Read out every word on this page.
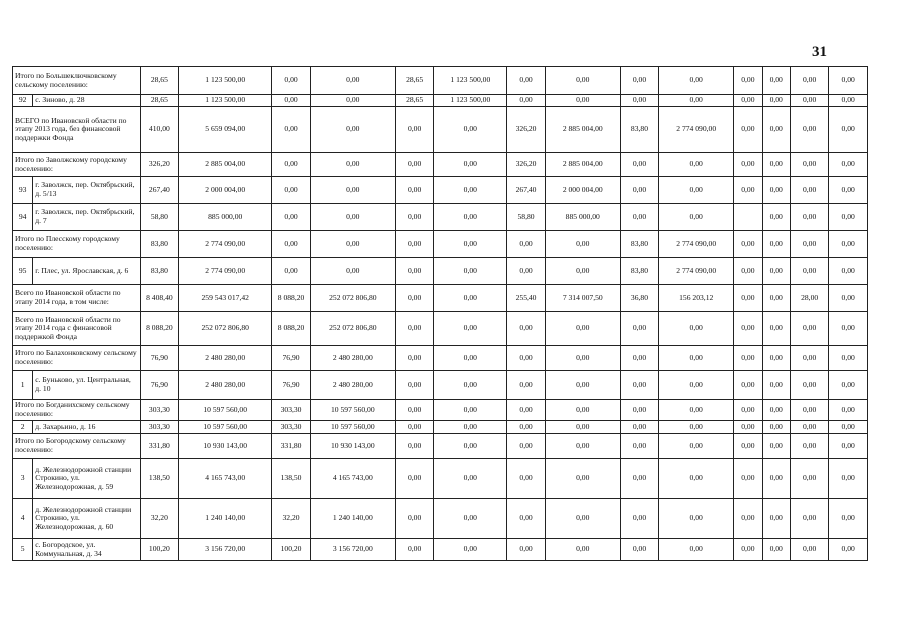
31
Итого по Большеключковскому сельскому поселению:		28,65	1 123 500,00	0,00	0,00	28,65	1 123 500,00	0,00	0,00	0,00	0,00	0,00	0,00	0,00	0,00
92	с. Зиново, д. 28	28,65	1 123 500,00	0,00	0,00	28,65	1 123 500,00	0,00	0,00	0,00	0,00	0,00	0,00	0,00	0,00
ВСЕГО по Ивановской области по этапу 2013 года, без финансовой поддержки Фонда		410,00	5 659 094,00	0,00	0,00	0,00	0,00	326,20	2 885 004,00	83,80	2 774 090,00	0,00	0,00	0,00	0,00
Итого по Заволжскому городскому поселению:		326,20	2 885 004,00	0,00	0,00	0,00	0,00	326,20	2 885 004,00	0,00	0,00	0,00	0,00	0,00	0,00
93	г. Заволжск, пер. Октябрьский, д. 5/13	267,40	2 000 004,00	0,00	0,00	0,00	0,00	267,40	2 000 004,00	0,00	0,00	0,00	0,00	0,00	0,00
94	г. Заволжск, пер. Октябрьский, д. 7	58,80	885 000,00	0,00	0,00	0,00	0,00	58,80	885 000,00	0,00	0,00		0,00	0,00	0,00
Итого по Плесскому городскому поселению:		83,80	2 774 090,00	0,00	0,00	0,00	0,00	0,00	0,00	83,80	2 774 090,00	0,00	0,00	0,00	0,00
95	г. Плес, ул. Ярославская, д. 6	83,80	2 774 090,00	0,00	0,00	0,00	0,00	0,00	0,00	83,80	2 774 090,00	0,00	0,00	0,00	0,00
Всего по Ивановской области по этапу 2014 года, в том числе:		8 408,40	259 543 017,42	8 088,20	252 072 806,80	0,00	0,00	255,40	7 314 007,50	36,80	156 203,12	0,00	0,00	28,00	0,00
Всего по Ивановской области по этапу 2014 года с финансовой поддержкой Фонда		8 088,20	252 072 806,80	8 088,20	252 072 806,80	0,00	0,00	0,00	0,00	0,00	0,00	0,00	0,00	0,00	0,00
Итого по Балахонковскому сельскому поселению:		76,90	2 480 280,00	76,90	2 480 280,00	0,00	0,00	0,00	0,00	0,00	0,00	0,00	0,00	0,00	0,00
1	с. Буньково, ул. Центральная, д. 10	76,90	2 480 280,00	76,90	2 480 280,00	0,00	0,00	0,00	0,00	0,00	0,00	0,00	0,00	0,00	0,00
Итого по Богданихскому сельскому поселению:		303,30	10 597 560,00	303,30	10 597 560,00	0,00	0,00	0,00	0,00	0,00	0,00	0,00	0,00	0,00	0,00
2	д. Захарьино, д. 16	303,30	10 597 560,00	303,30	10 597 560,00	0,00	0,00	0,00	0,00	0,00	0,00	0,00	0,00	0,00	0,00
Итого по Богородскому сельскому поселению:		331,80	10 930 143,00	331,80	10 930 143,00	0,00	0,00	0,00	0,00	0,00	0,00	0,00	0,00	0,00	0,00
3	д. Железнодорожной станции Строкино, ул. Железнодорожная, д. 59	138,50	4 165 743,00	138,50	4 165 743,00	0,00	0,00	0,00	0,00	0,00	0,00	0,00	0,00	0,00	0,00
4	д. Железнодорожной станции Строкино, ул. Железнодорожная, д. 60	32,20	1 240 140,00	32,20	1 240 140,00	0,00	0,00	0,00	0,00	0,00	0,00	0,00	0,00	0,00	0,00
5	с. Богородское, ул. Коммунальная, д. 34	100,20	3 156 720,00	100,20	3 156 720,00	0,00	0,00	0,00	0,00	0,00	0,00	0,00	0,00	0,00	0,00
